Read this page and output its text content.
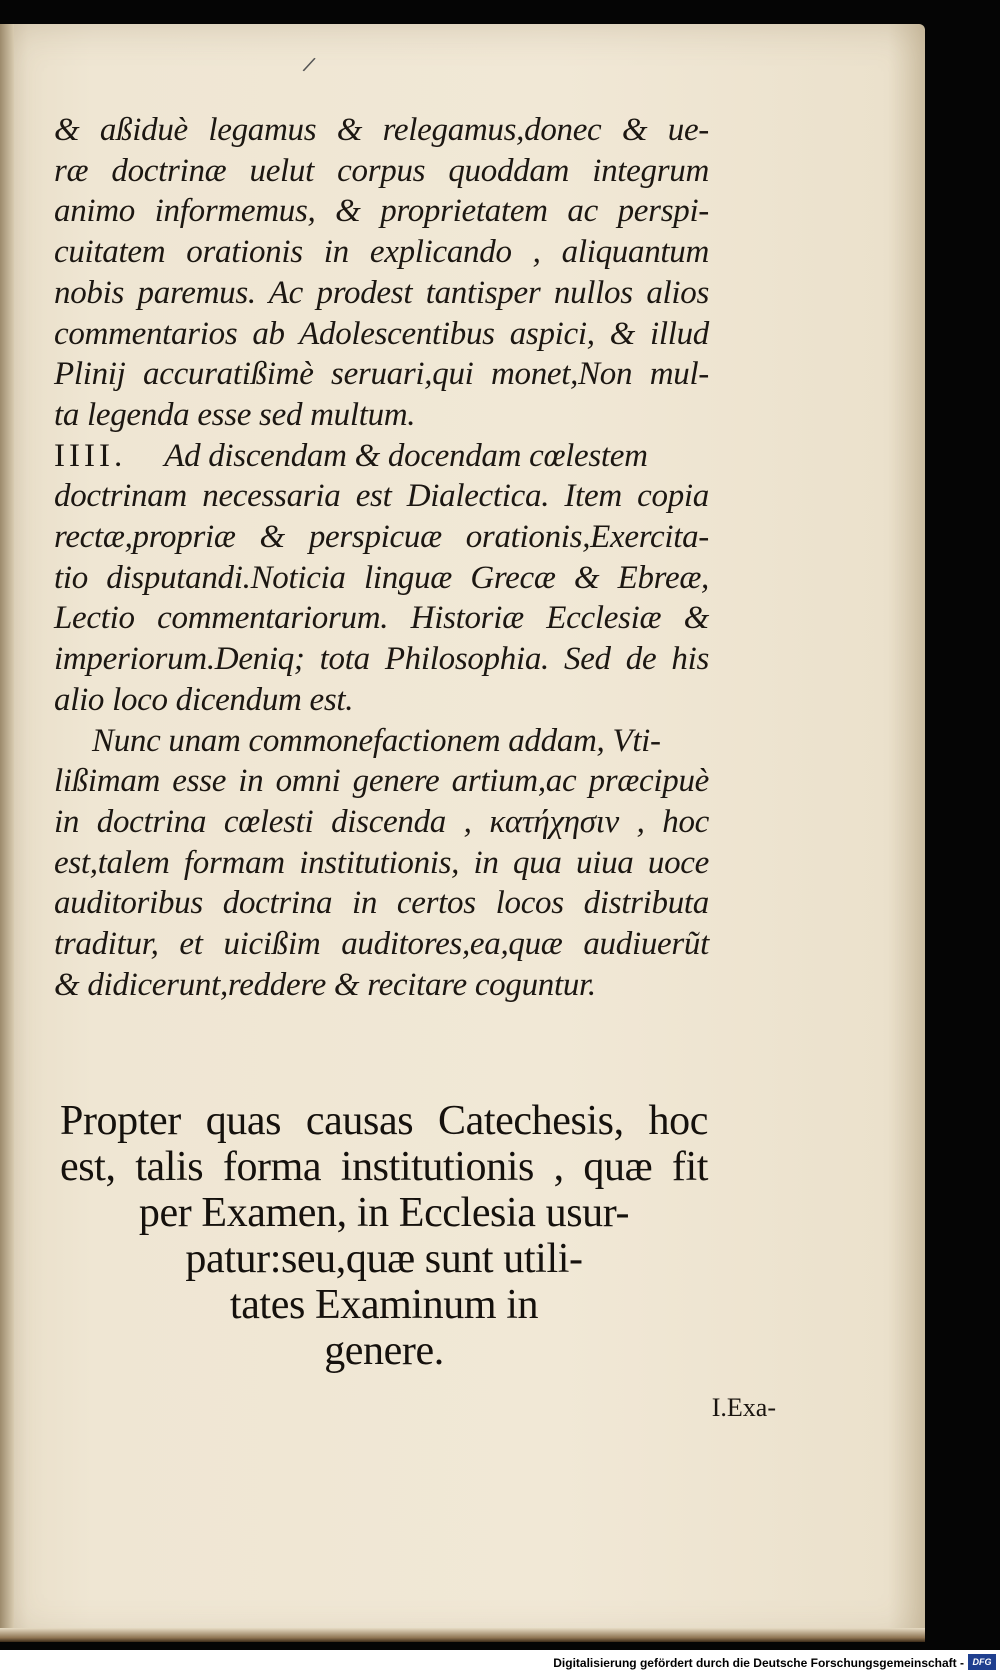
/
& aßiduè legamus & relegamus,donec & ue-
ræ doctrinæ uelut corpus quoddam integrum
animo informemus, & proprietatem ac perspi-
cuitatem orationis in explicando , aliquantum
nobis paremus. Ac prodest tantisper nullos alios
commentarios ab Adolescentibus aspici, & illud
Plinij accuratißimè seruari,qui monet,Non mul-
ta legenda esse sed multum.
IIII. Ad discendam & docendam cœlestem
doctrinam necessaria est Dialectica. Item copia
rectæ,propriæ & perspicuæ orationis,Exercita-
tio disputandi.Noticia linguæ Grecæ & Ebreæ,
Lectio commentariorum. Historiæ Ecclesiæ &
imperiorum.Deniq; tota Philosophia. Sed de his
alio loco dicendum est.
Nunc unam commonefactionem addam, Vti-
lißimam esse in omni genere artium,ac præcipuè
in doctrina cœlesti discenda , κατήχησιν , hoc
est,talem formam institutionis, in qua uiua uoce
auditoribus doctrina in certos locos distributa
traditur, et uicißim auditores,ea,quæ audiuerũt
& didicerunt,reddere & recitare coguntur.
Propter quas causas Catechesis, hoc
est, talis forma institutionis , quæ fit
per Examen, in Ecclesia usur-
patur:seu,quæ sunt utili-
tates Examinum in
genere.
I.Exa-
Digitalisierung gefördert durch die Deutsche Forschungsgemeinschaft - DFG
